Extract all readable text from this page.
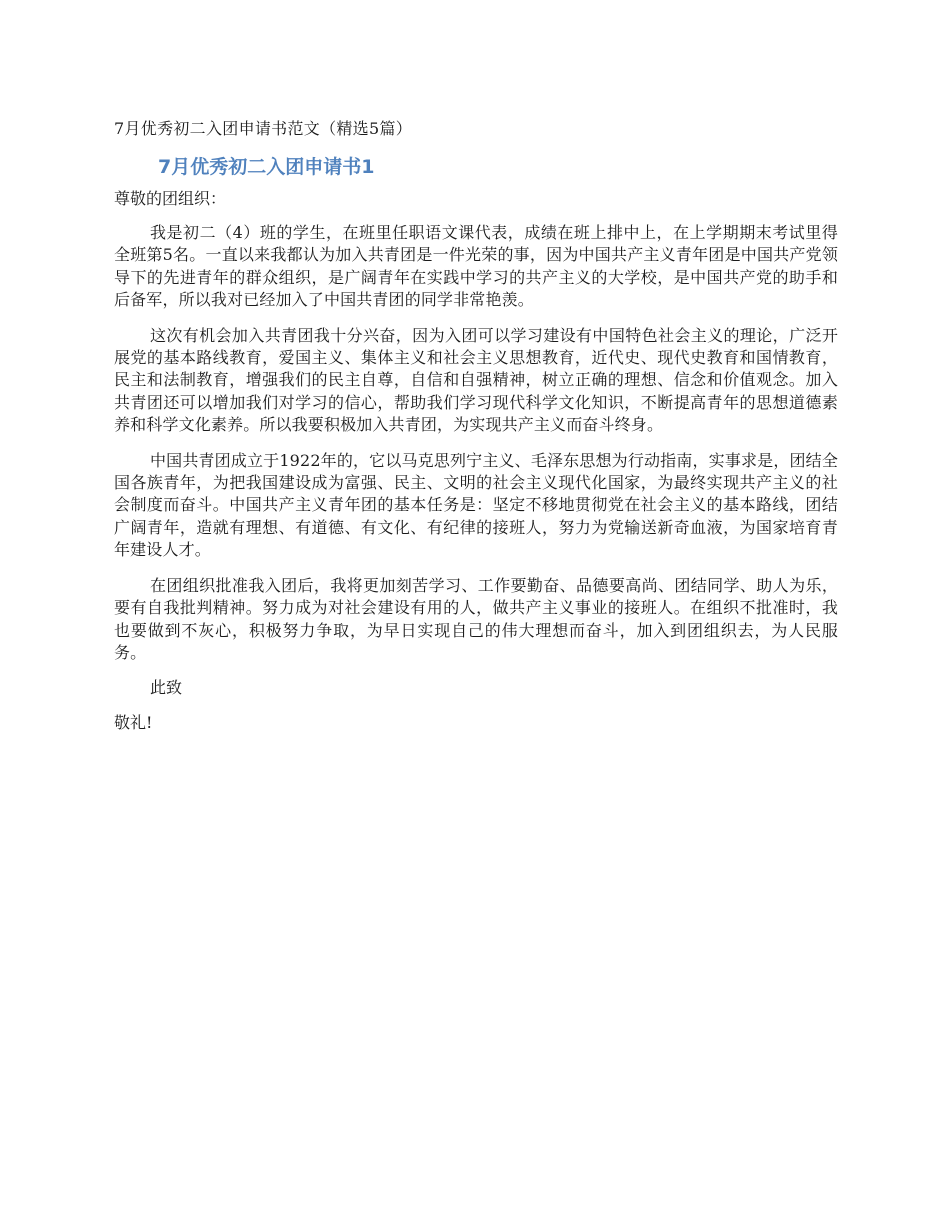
7月优秀初二入团申请书范文（精选5篇）
7月优秀初二入团申请书1
尊敬的团组织：

我是初二（4）班的学生，在班里任职语文课代表，成绩在班上排中上，在上学期期末考试里得全班第5名。一直以来我都认为加入共青团是一件光荣的事，因为中国共产主义青年团是中国共产党领导下的先进青年的群众组织，是广阔青年在实践中学习的共产主义的大学校，是中国共产党的助手和后备军，所以我对已经加入了中国共青团的同学非常艳羡。

这次有机会加入共青团我十分兴奋，因为入团可以学习建设有中国特色社会主义的理论，广泛开展党的基本路线教育，爱国主义、集体主义和社会主义思想教育，近代史、现代史教育和国情教育，民主和法制教育，增强我们的民主自尊，自信和自强精神，树立正确的理想、信念和价值观念。加入共青团还可以增加我们对学习的信心，帮助我们学习现代科学文化知识，不断提高青年的思想道德素养和科学文化素养。所以我要积极加入共青团，为实现共产主义而奋斗终身。

中国共青团成立于1922年的，它以马克思列宁主义、毛泽东思想为行动指南，实事求是，团结全国各族青年，为把我国建设成为富强、民主、文明的社会主义现代化国家，为最终实现共产主义的社会制度而奋斗。中国共产主义青年团的基本任务是：坚定不移地贯彻党在社会主义的基本路线，团结广阔青年，造就有理想、有道德、有文化、有纪律的接班人，努力为党输送新奇血液，为国家培育青年建设人才。

在团组织批准我入团后，我将更加刻苦学习、工作要勤奋、品德要高尚、团结同学、助人为乐，要有自我批判精神。努力成为对社会建设有用的人，做共产主义事业的接班人。在组织不批准时，我也要做到不灰心，积极努力争取，为早日实现自己的伟大理想而奋斗，加入到团组织去，为人民服务。

此致
敬礼!
